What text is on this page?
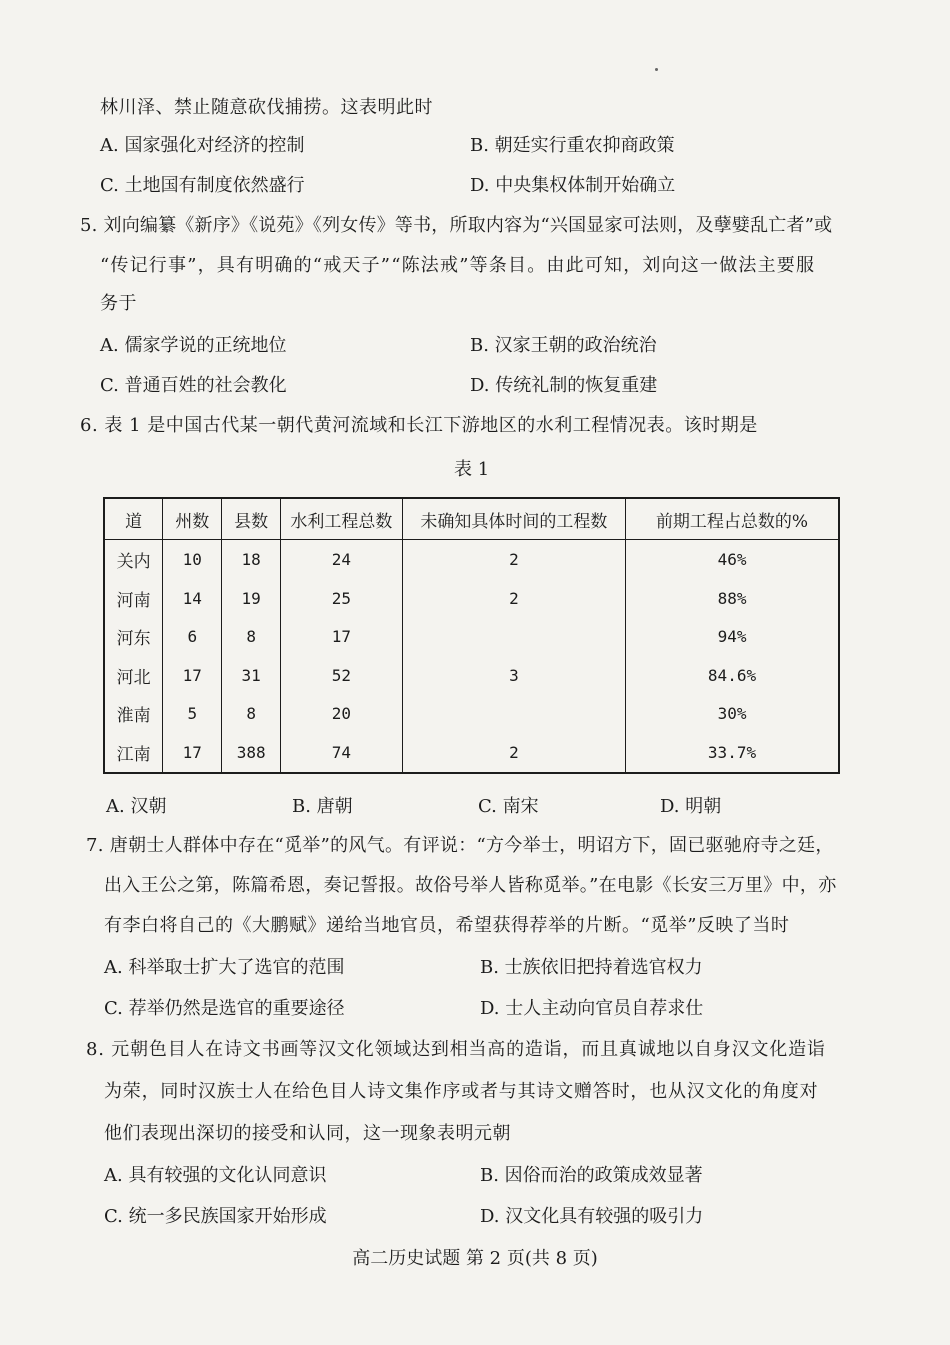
林川泽、禁止随意砍伐捕捞。这表明此时
A. 国家强化对经济的控制	B. 朝廷实行重农抑商政策
C. 土地国有制度依然盛行	D. 中央集权体制开始确立
5. 刘向编纂《新序》《说苑》《列女传》等书，所取内容为“兴国显家可法则，及孽嬖乱亡者”或
“传记行事”，具有明确的“戒天子”“陈法戒”等条目。由此可知，刘向这一做法主要服
务于
A. 儒家学说的正统地位	B. 汉家王朝的政治统治
C. 普通百姓的社会教化	D. 传统礼制的恢复重建
6. 表 1 是中国古代某一朝代黄河流域和长江下游地区的水利工程情况表。该时期是
表 1
道	州数	县数	水利工程总数	未确知具体时间的工程数	前期工程占总数的%
关内	10	18	24	2	46%
河南	14	19	25	2	88%
河东	6	8	17		94%
河北	17	31	52	3	84.6%
淮南	5	8	20		30%
江南	17	388	74	2	33.7%
A. 汉朝	B. 唐朝	C. 南宋	D. 明朝
7. 唐朝士人群体中存在“觅举”的风气。有评说：“方今举士，明诏方下，固已驱驰府寺之廷，
出入王公之第，陈篇希恩，奏记誓报。故俗号举人皆称觅举。”在电影《长安三万里》中，亦
有李白将自己的《大鹏赋》递给当地官员，希望获得荐举的片断。“觅举”反映了当时
A. 科举取士扩大了选官的范围	B. 士族依旧把持着选官权力
C. 荐举仍然是选官的重要途径	D. 士人主动向官员自荐求仕
8. 元朝色目人在诗文书画等汉文化领域达到相当高的造诣，而且真诚地以自身汉文化造诣
为荣，同时汉族士人在给色目人诗文集作序或者与其诗文赠答时，也从汉文化的角度对
他们表现出深切的接受和认同，这一现象表明元朝
A. 具有较强的文化认同意识	B. 因俗而治的政策成效显著
C. 统一多民族国家开始形成	D. 汉文化具有较强的吸引力
高二历史试题 第 2 页(共 8 页)
